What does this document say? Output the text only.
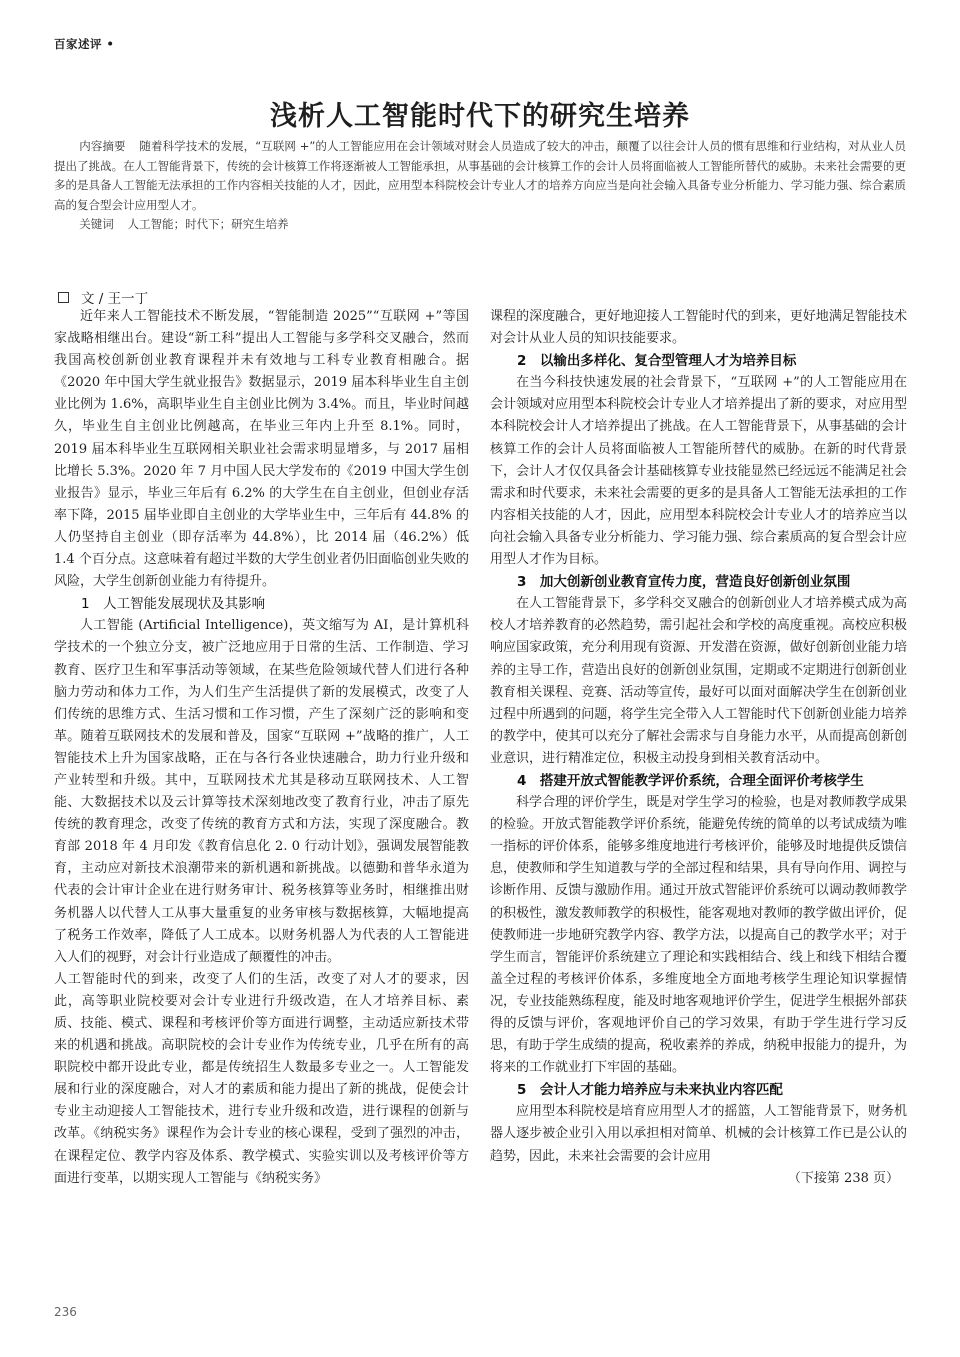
百家述评 •
浅析人工智能时代下的研究生培养

内容摘要 随着科学技术的发展，“互联网 +”的人工智能应用在会计领域对财会人员造成了较大的冲击，颠覆了以往会计人员的惯有思维和行业结构，对从业人员提出了挑战。在人工智能背景下，传统的会计核算工作将逐渐被人工智能承担，从事基础的会计核算工作的会计人员将面临被人工智能所替代的威胁。未来社会需要的更多的是具备人工智能无法承担的工作内容相关技能的人才，因此，应用型本科院校会计专业人才的培养方向应当是向社会输入具备专业分析能力、学习能力强、综合素质高的复合型会计应用型人才。

关键词 人工智能；时代下；研究生培养

文 / 王一丁

近年来人工智能技术不断发展，“智能制造 2025”“互联网 +”等国家战略相继出台。建设“新工科”提出人工智能与多学科交叉融合，然而我国高校创新创业教育课程并未有效地与工科专业教育相融合。据《2020 年中国大学生就业报告》数据显示，2019 届本科毕业生自主创业比例为 1.6%，高职毕业生自主创业比例为 3.4%。而且，毕业时间越久，毕业生自主创业比例越高，在毕业三年内上升至 8.1%。同时，2019 届本科毕业生互联网相关职业社会需求明显增多，与 2017 届相比增长 5.3%。2020 年 7 月中国人民大学发布的《2019 中国大学生创业报告》显示，毕业三年后有 6.2% 的大学生在自主创业，但创业存活率下降，2015 届毕业即自主创业的大学毕业生中，三年后有 44.8% 的人仍坚持自主创业（即存活率为 44.8%），比 2014 届（46.2%）低 1.4 个百分点。这意味着有超过半数的大学生创业者仍旧面临创业失败的风险，大学生创新创业能力有待提升。

1　人工智能发展现状及其影响

人工智能 (Artificial Intelligence)，英文缩写为 AI，是计算机科学技术的一个独立分支，被广泛地应用于日常的生活、工作制造、学习教育、医疗卫生和军事活动等领域，在某些危险领域代替人们进行各种脑力劳动和体力工作，为人们生产生活提供了新的发展模式，改变了人们传统的思维方式、生活习惯和工作习惯，产生了深刻广泛的影响和变革。随着互联网技术的发展和普及，国家“互联网 +”战略的推广，人工智能技术上升为国家战略，正在与各行各业快速融合，助力行业升级和产业转型和升级。其中，互联网技术尤其是移动互联网技术、人工智能、大数据技术以及云计算等技术深刻地改变了教育行业，冲击了原先传统的教育理念，改变了传统的教育方式和方法，实现了深度融合。教育部 2018 年 4 月印发《教育信息化 2. 0 行动计划》，强调发展智能教育，主动应对新技术浪潮带来的新机遇和新挑战。以德勤和普华永道为代表的会计审计企业在进行财务审计、税务核算等业务时，相继推出财务机器人以代替人工从事大量重复的业务审核与数据核算，大幅地提高了税务工作效率，降低了人工成本。以财务机器人为代表的人工智能进入人们的视野，对会计行业造成了颠覆性的冲击。

人工智能时代的到来，改变了人们的生活，改变了对人才的要求，因此，高等职业院校要对会计专业进行升级改造，在人才培养目标、素质、技能、模式、课程和考核评价等方面进行调整，主动适应新技术带来的机遇和挑战。高职院校的会计专业作为传统专业，几乎在所有的高职院校中都开设此专业，都是传统招生人数最多专业之一。人工智能发展和行业的深度融合，对人才的素质和能力提出了新的挑战，促使会计专业主动迎接人工智能技术，进行专业升级和改造，进行课程的创新与改革。《纳税实务》课程作为会计专业的核心课程，受到了强烈的冲击，在课程定位、教学内容及体系、教学模式、实验实训以及考核评价等方面进行变革，以期实现人工智能与《纳税实务》

课程的深度融合，更好地迎接人工智能时代的到来，更好地满足智能技术对会计从业人员的知识技能要求。

2　以输出多样化、复合型管理人才为培养目标

在当今科技快速发展的社会背景下，“互联网 +”的人工智能应用在会计领域对应用型本科院校会计专业人才培养提出了新的要求，对应用型本科院校会计人才培养提出了挑战。在人工智能背景下，从事基础的会计核算工作的会计人员将面临被人工智能所替代的威胁。在新的时代背景下，会计人才仅仅具备会计基础核算专业技能显然已经远远不能满足社会需求和时代要求，未来社会需要的更多的是具备人工智能无法承担的工作内容相关技能的人才，因此，应用型本科院校会计专业人才的培养应当以向社会输入具备专业分析能力、学习能力强、综合素质高的复合型会计应用型人才作为目标。

3　加大创新创业教育宣传力度，营造良好创新创业氛围

在人工智能背景下，多学科交叉融合的创新创业人才培养模式成为高校人才培养教育的必然趋势，需引起社会和学校的高度重视。高校应积极响应国家政策，充分利用现有资源、开发潜在资源，做好创新创业能力培养的主导工作，营造出良好的创新创业氛围，定期或不定期进行创新创业教育相关课程、竞赛、活动等宣传，最好可以面对面解决学生在创新创业过程中所遇到的问题，将学生完全带入人工智能时代下创新创业能力培养的教学中，使其可以充分了解社会需求与自身能力水平，从而提高创新创业意识，进行精准定位，积极主动投身到相关教育活动中。

4　搭建开放式智能教学评价系统，合理全面评价考核学生

科学合理的评价学生，既是对学生学习的检验，也是对教师教学成果的检验。开放式智能教学评价系统，能避免传统的简单的以考试成绩为唯一指标的评价体系，能够多维度地进行考核评价，能够及时地提供反馈信息，使教师和学生知道教与学的全部过程和结果，具有导向作用、调控与诊断作用、反馈与激励作用。通过开放式智能评价系统可以调动教师教学的积极性，激发教师教学的积极性，能客观地对教师的教学做出评价，促使教师进一步地研究教学内容、教学方法，以提高自己的教学水平；对于学生而言，智能评价系统建立了理论和实践相结合、线上和线下相结合覆盖全过程的考核评价体系，多维度地全方面地考核学生理论知识掌握情况，专业技能熟练程度，能及时地客观地评价学生，促进学生根据外部获得的反馈与评价，客观地评价自己的学习效果，有助于学生进行学习反思，有助于学生成绩的提高，税收素养的养成，纳税申报能力的提升，为将来的工作就业打下牢固的基础。

5　会计人才能力培养应与未来执业内容匹配

应用型本科院校是培育应用型人才的摇篮，人工智能背景下，财务机器人逐步被企业引入用以承担相对简单、机械的会计核算工作已是公认的趋势，因此，未来社会需要的会计应用

（下接第 238 页）
236
